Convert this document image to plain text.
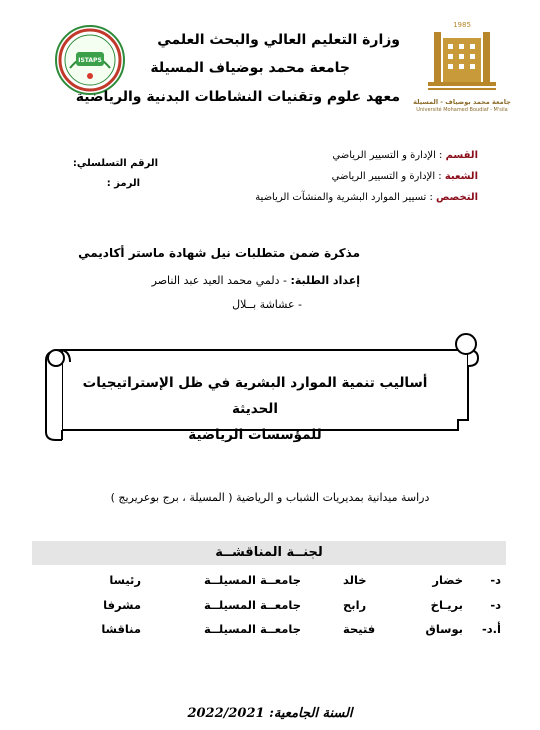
1985
جامعة محمد بوضياف - المسيلة
Université Mohamed Boudiaf - M'sila
ISTAPS
وزارة التعليم العالي والبحث العلمي
جامعة محمد بوضياف المسيلة
معهد علوم وتقنيات النشاطات البدنية والرياضية
القسم : الإدارة و التسيير الرياضي
الشعبة : الإدارة و التسيير الرياضي
التخصص : تسيير الموارد البشرية والمنشآت الرياضية
الرقم التسلسلي:
الرمز :
مذكرة ضمن متطلبات نيل شهادة ماستر أكاديمي
إعداد الطلبة: - دلمي محمد العيد عبد الناصر
- عشاشة بــلال
أساليب تنمية الموارد البشرية في ظل الإستراتيجيات الحديثة
للمؤسسات الرياضية
دراسة ميدانية بمديريات الشباب و الرياضية ( المسيلة ، برج بوعريريج )
لجنــة المناقشــة
د-
خضار خالد
جامعــة المسيلــة
رئيسا
د-
بريـاخ رابح
جامعــة المسيلــة
مشرفا
أ.د-
بوساق فتيحة
جامعــة المسيلــة
مناقشا
السنة الجامعية: 2022/2021
